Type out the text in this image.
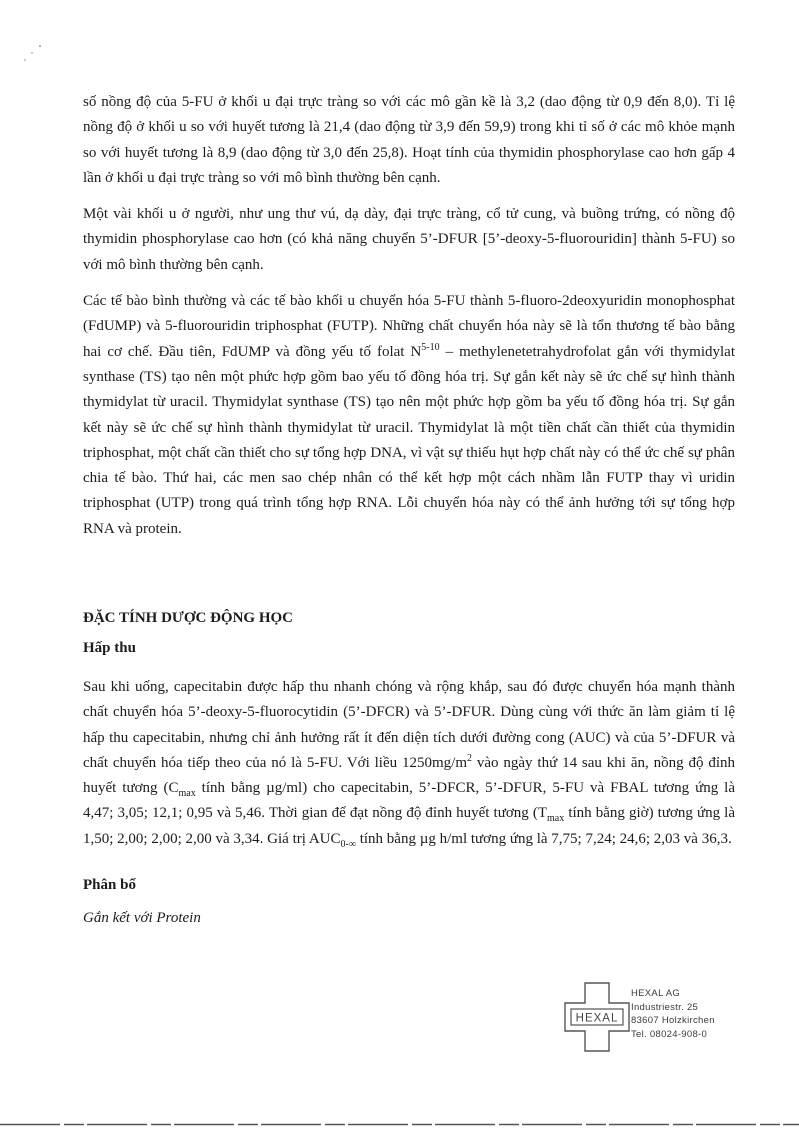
số nồng độ của 5-FU ở khối u đại trực tràng so với các mô gần kề là 3,2 (dao động từ 0,9 đến 8,0). Tỉ lệ nồng độ ở khối u so với huyết tương là 21,4 (dao động từ 3,9 đến 59,9) trong khi tỉ số ở các mô khỏe mạnh so với huyết tương là 8,9 (dao động từ 3,0 đến 25,8). Hoạt tính của thymidin phosphorylase cao hơn gấp 4 lần ở khối u đại trực tràng so với mô bình thường bên cạnh.

Một vài khối u ở người, như ung thư vú, dạ dày, đại trực tràng, cổ tử cung, và buồng trứng, có nồng độ thymidin phosphorylase cao hơn (có khả năng chuyển 5’-DFUR [5’-deoxy-5-fluorouridin] thành 5-FU) so với mô bình thường bên cạnh.

Các tế bào bình thường và các tế bào khối u chuyển hóa 5-FU thành 5-fluoro-2deoxyuridin monophosphat (FdUMP) và 5-fluorouridin triphosphat (FUTP). Những chất chuyển hóa này sẽ là tổn thương tế bào bằng hai cơ chế. Đầu tiên, FdUMP và đồng yếu tố folat $N^{5-10}$ – methylenetetrahydrofolat gắn với thymidylat synthase (TS) tạo nên một phức hợp gồm bao yếu tố đồng hóa trị. Sự gắn kết này sẽ ức chế sự hình thành thymidylat từ uracil. Thymidylat synthase (TS) tạo nên một phức hợp gồm ba yếu tố đồng hóa trị. Sự gắn kết này sẽ ức chế sự hình thành thymidylat từ uracil. Thymidylat là một tiền chất cần thiết của thymidin triphosphat, một chất cần thiết cho sự tổng hợp DNA, vì vật sự thiếu hụt hợp chất này có thể ức chế sự phân chia tế bào. Thứ hai, các men sao chép nhân có thể kết hợp một cách nhầm lẫn FUTP thay vì uridin triphosphat (UTP) trong quá trình tổng hợp RNA. Lỗi chuyển hóa này có thể ảnh hưởng tới sự tổng hợp RNA và protein.

ĐẶC TÍNH DƯỢC ĐỘNG HỌC
Hấp thu

Sau khi uống, capecitabin được hấp thu nhanh chóng và rộng khắp, sau đó được chuyển hóa mạnh thành chất chuyển hóa 5’-deoxy-5-fluorocytidin (5’-DFCR) và 5’-DFUR. Dùng cùng với thức ăn làm giảm tỉ lệ hấp thu capecitabin, nhưng chỉ ảnh hưởng rất ít đến diện tích dưới đường cong (AUC) và của 5’-DFUR và chất chuyển hóa tiếp theo của nó là 5-FU. Với liều $1250mg/m^2$ vào ngày thứ 14 sau khi ăn, nồng độ đỉnh huyết tương ($C_{max}$ tính bằng µg/ml) cho capecitabin, 5’-DFCR, 5’-DFUR, 5-FU và FBAL tương ứng là 4,47; 3,05; 12,1; 0,95 và 5,46. Thời gian để đạt nồng độ đỉnh huyết tương ($T_{max}$ tính bằng giờ) tương ứng là 1,50; 2,00; 2,00; 2,00 và 3,34. Giá trị $AUC_{0-\infty}$ tính bằng µg h/ml tương ứng là 7,75; 7,24; 24,6; 2,03 và 36,3.

Phân bố
Gắn kết với Protein
HEXAL
HEXAL AG
Industriestr. 25
83607 Holzkirchen
Tel. 08024-908-0
